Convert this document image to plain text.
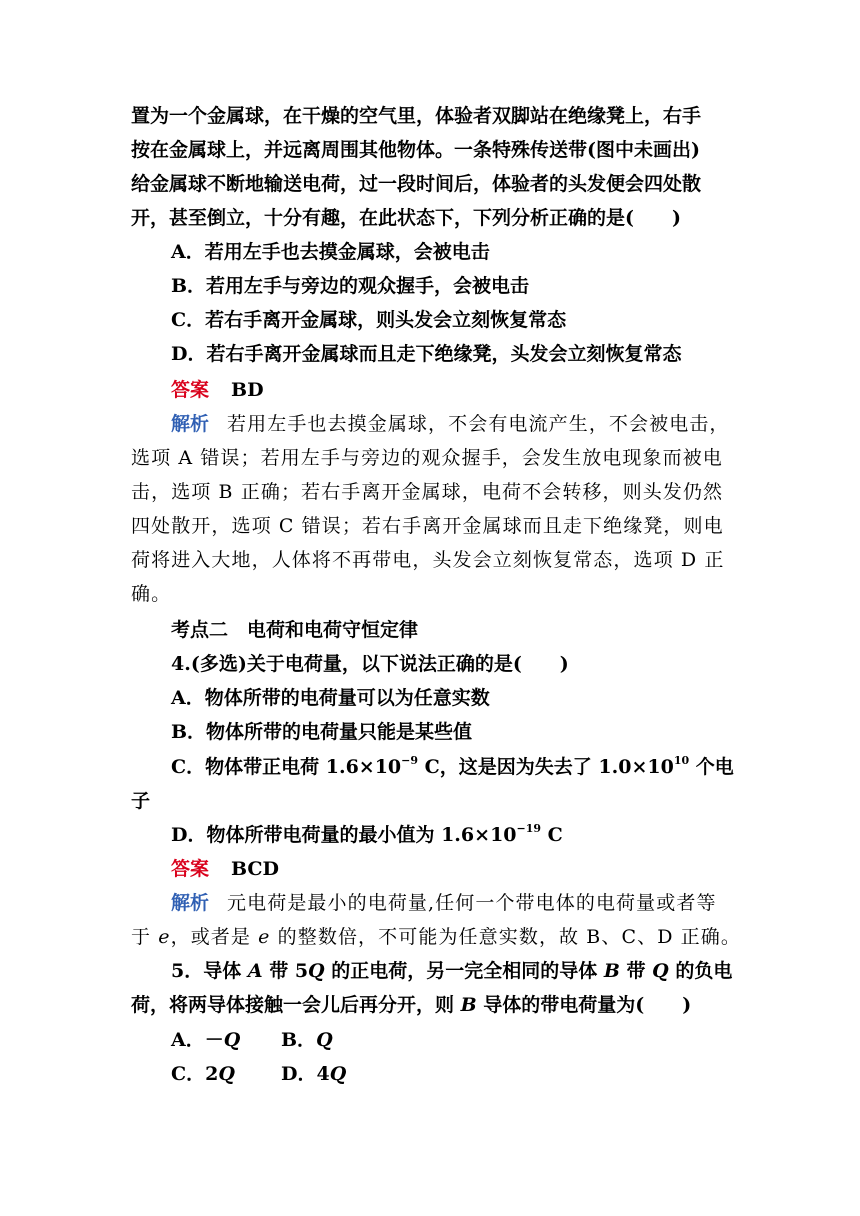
置为一个金属球，在干燥的空气里，体验者双脚站在绝缘凳上，右手
按在金属球上，并远离周围其他物体。一条特殊传送带(图中未画出)
给金属球不断地输送电荷，过一段时间后，体验者的头发便会四处散
开，甚至倒立，十分有趣，在此状态下，下列分析正确的是(　　)
A．若用左手也去摸金属球，会被电击
B．若用左手与旁边的观众握手，会被电击
C．若右手离开金属球，则头发会立刻恢复常态
D．若右手离开金属球而且走下绝缘凳，头发会立刻恢复常态
答案 BD
解析 若用左手也去摸金属球，不会有电流产生，不会被电击，
选项 A 错误；若用左手与旁边的观众握手，会发生放电现象而被电
击，选项 B 正确；若右手离开金属球，电荷不会转移，则头发仍然
四处散开，选项 C 错误；若右手离开金属球而且走下绝缘凳，则电
荷将进入大地，人体将不再带电，头发会立刻恢复常态，选项 D 正
确。
考点二　电荷和电荷守恒定律
4.(多选)关于电荷量，以下说法正确的是(　　)
A．物体所带的电荷量可以为任意实数
B．物体所带的电荷量只能是某些值
C．物体带正电荷 $1.6\times 10^{-9}$ C，这是因为失去了 $1.0\times 10^{10}$ 个电
子
D．物体所带电荷量的最小值为 $1.6\times 10^{-19}$ C
答案 BCD
解析 元电荷是最小的电荷量,任何一个带电体的电荷量或者等
于 e，或者是 e 的整数倍，不可能为任意实数，故 B、C、D 正确。
5．导体 A 带 5Q 的正电荷，另一完全相同的导体 B 带 Q 的负电
荷，将两导体接触一会儿后再分开，则 B 导体的带电荷量为(　　)
A．－Q B．Q
C．2Q D．4Q
